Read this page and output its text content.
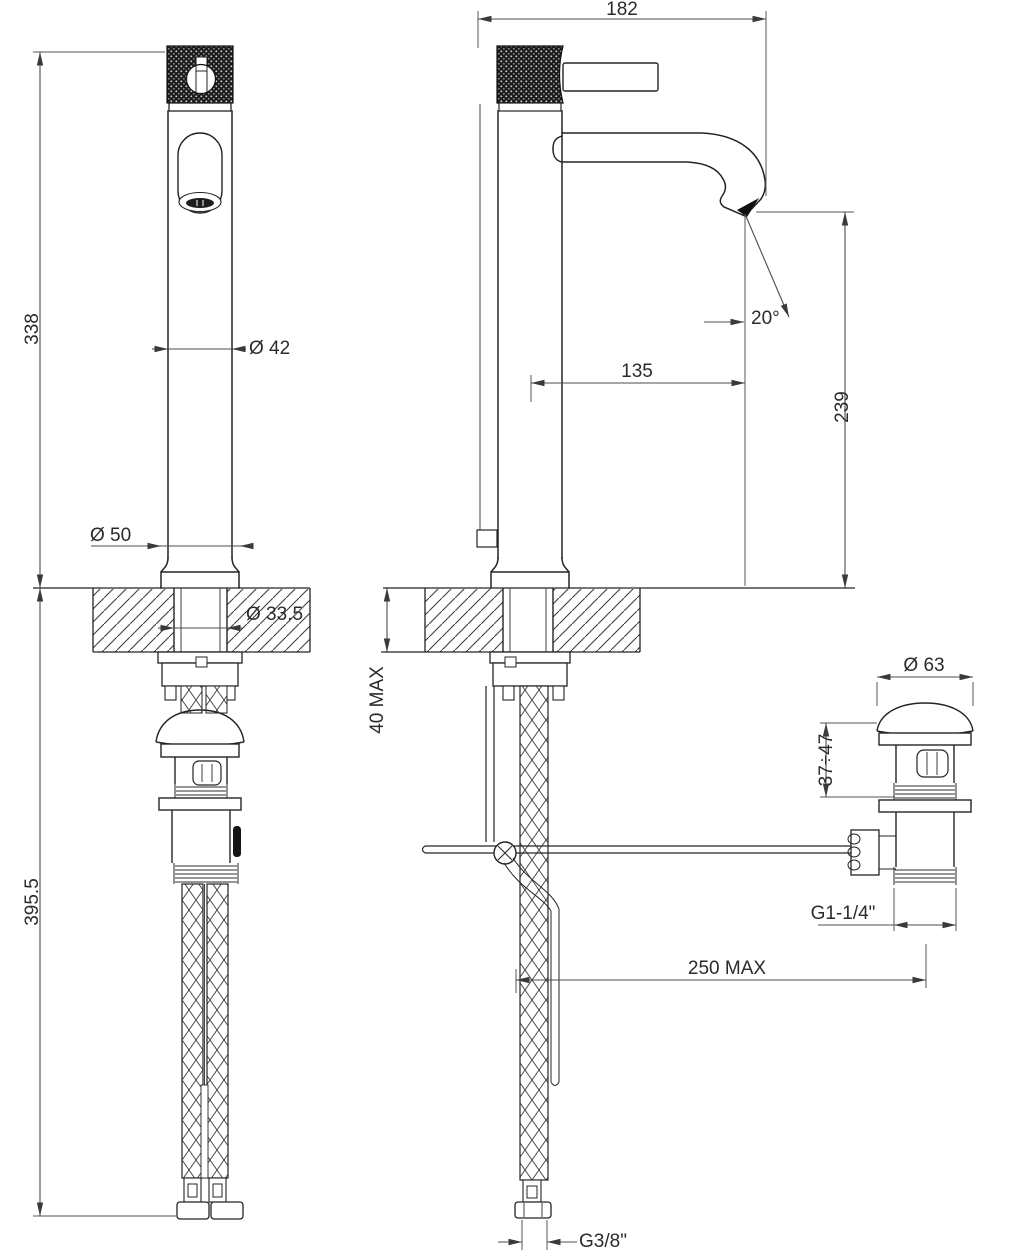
338
395.5
Ø 42
Ø 50
Ø 33.5
182
20°
135
239
40 MAX
250 MAX
G3/8"
Ø 63
37÷47
G1-1/4"
